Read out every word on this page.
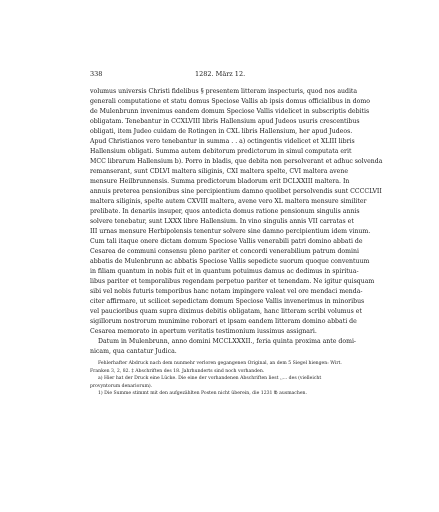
338	1282. März 12.
volumus universis Christi fidelibus § presentem litteram inspecturis, quod nos audita
generali computatione et statu domus Speciose Vallis ab ipsis domus officialibus in domo
de Mulenbrunn invenimus eandem domum Speciose Vallis videlicet in subscriptis debitis
obligatam. Tenebantur in CCXLVIII libris Hallensium apud Judeos usuris crescentibus
obligati, item Judeo cuidam de Rotingen in CXL libris Hallensium, her apud Judeos.
Apud Christianos vero tenebantur in summa . . a) octingentis videlicet et XLIII libris
Hallensium obligati. Summa autem debitorum predictorum in simul computata erit
MCC librarum Hallensium b). Porro in bladis, que debita non persolverant et adhuc solvenda
remanserant, sunt CDLVI maltera siliginis, CXI maltera spelte, CVI maltera avene
mensure Heilbrunnensis. Summa predictorum bladorum erit DCLXXIII maltera. In
annuis preterea pensionibus sine percipientium damno quolibet persolvendis sunt CCCCLVII
maltera siliginis, spelte autem CXVIII maltera, avene vero XL maltera mensure similiter
prelibate. In denariis insuper, quos antedicta domus ratione pensionum singulis annis
solvere tenebatur, sunt LXXX libre Hallensium. In vino singulis annis VII carratas et
III urnas mensure Herbipolensis tenentur solvere sine damno percipientium idem vinum.
Cum tali itaque onere dictam domum Speciose Vallis venerabili patri domino abbati de
Cesarea de communi consensu pleno pariter et concordi venerabilium patrum domini
abbatis de Mulenbrunn ac abbatis Speciose Vallis sepedicte suorum quoque conventuum
in filiam quantum in nobis fuit et in quantum potuimus damus ac dedimus in spiritua-
libus pariter et temporalibus regendam perpetuo pariter et tenendam. Ne igitur quisquam
sibi vel nobis futuris temporibus hanc notam impingere valeat vel ore mendaci menda-
citer affirmare, ut scilicet sepedictam domum Speciose Vallis invenerimus in minoribus
vel paucioribus quam supra diximus debitis obligatam, hanc litteram scribi volumus et
sigillorum nostrorum munimine roborari et ipsam eandem litteram domino abbati de
Cesarea memorato in apertum veritatis testimonium iussimus assignari.
Datum in Mulenbrunn, anno domini MCCLXXXII., feria quinta proxima ante domi-
nicam, qua cantatur Judica.
Fehlerhafter Abdruck nach dem nunmehr verloren gegangenen Original, an dem 5 Siegel hiengen: Wirt.
Franken 3, 2, 82. ‡ Abschriften des 18. Jahrhunderts sind noch vorhanden.
a) Hier hat der Druck eine Lücke. Die eine der vorhandenen Abschriften liest ,,... des (vielleicht
provyntorum denariorum).
1) Die Summe stimmt mit den aufgezählten Posten nicht überein, die 1231 ℔ ausmachen.
